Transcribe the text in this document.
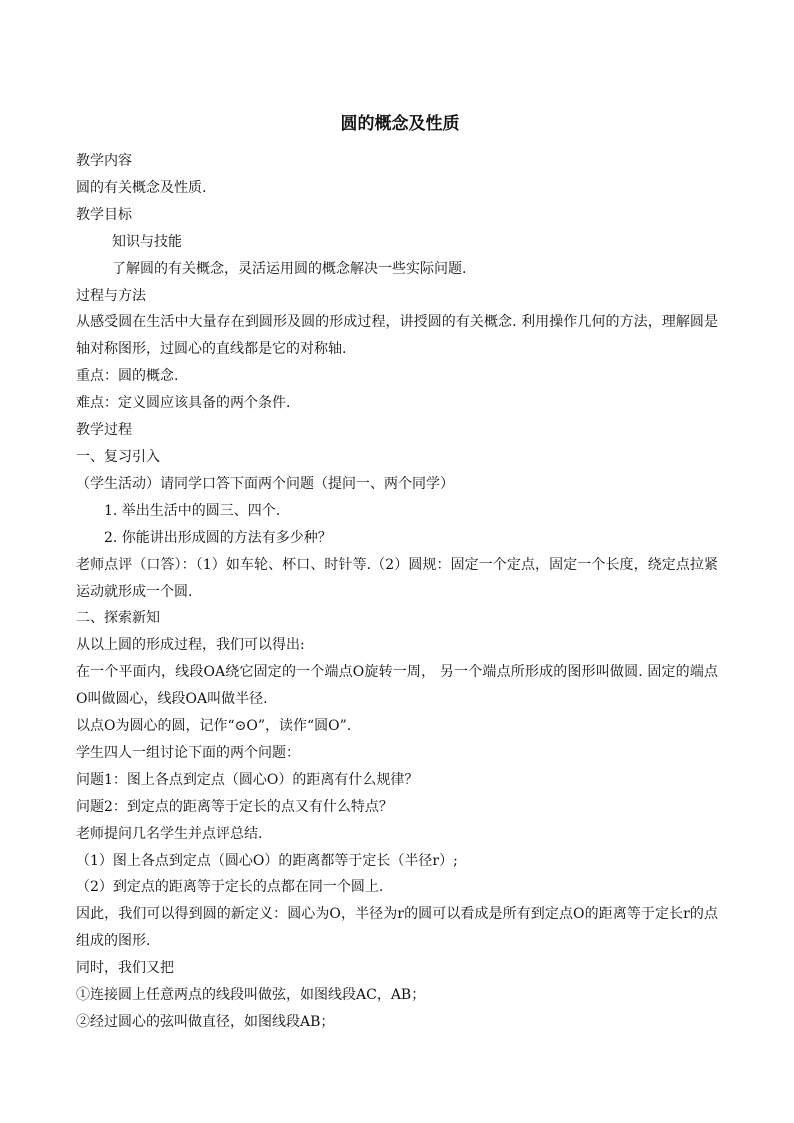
圆的概念及性质

教学内容

圆的有关概念及性质.

教学目标

知识与技能

了解圆的有关概念，灵活运用圆的概念解决一些实际问题.

过程与方法

从感受圆在生活中大量存在到圆形及圆的形成过程，讲授圆的有关概念. 利用操作几何的方法，理解圆是轴对称图形，过圆心的直线都是它的对称轴.

重点：圆的概念.

难点：定义圆应该具备的两个条件.

教学过程

一、复习引入

（学生活动）请同学口答下面两个问题（提问一、两个同学）

1. 举出生活中的圆三、四个.

2. 你能讲出形成圆的方法有多少种？

老师点评（口答）：（1）如车轮、杯口、时针等.（2）圆规：固定一个定点，固定一个长度，绕定点拉紧运动就形成一个圆.

二、探索新知

从以上圆的形成过程，我们可以得出:

在一个平面内，线段OA绕它固定的一个端点O旋转一周， 另一个端点所形成的图形叫做圆. 固定的端点O叫做圆心，线段OA叫做半径.

以点O为圆心的圆，记作“⊙O”，读作“圆O”.

学生四人一组讨论下面的两个问题：

问题1：图上各点到定点（圆心O）的距离有什么规律？

问题2：到定点的距离等于定长的点又有什么特点？

老师提问几名学生并点评总结.

（1）图上各点到定点（圆心O）的距离都等于定长（半径r）;

（2）到定点的距离等于定长的点都在同一个圆上.

因此，我们可以得到圆的新定义：圆心为O，半径为r的圆可以看成是所有到定点O的距离等于定长r的点组成的图形.

同时，我们又把

①连接圆上任意两点的线段叫做弦，如图线段AC，AB；

②经过圆心的弦叫做直径，如图线段AB；
